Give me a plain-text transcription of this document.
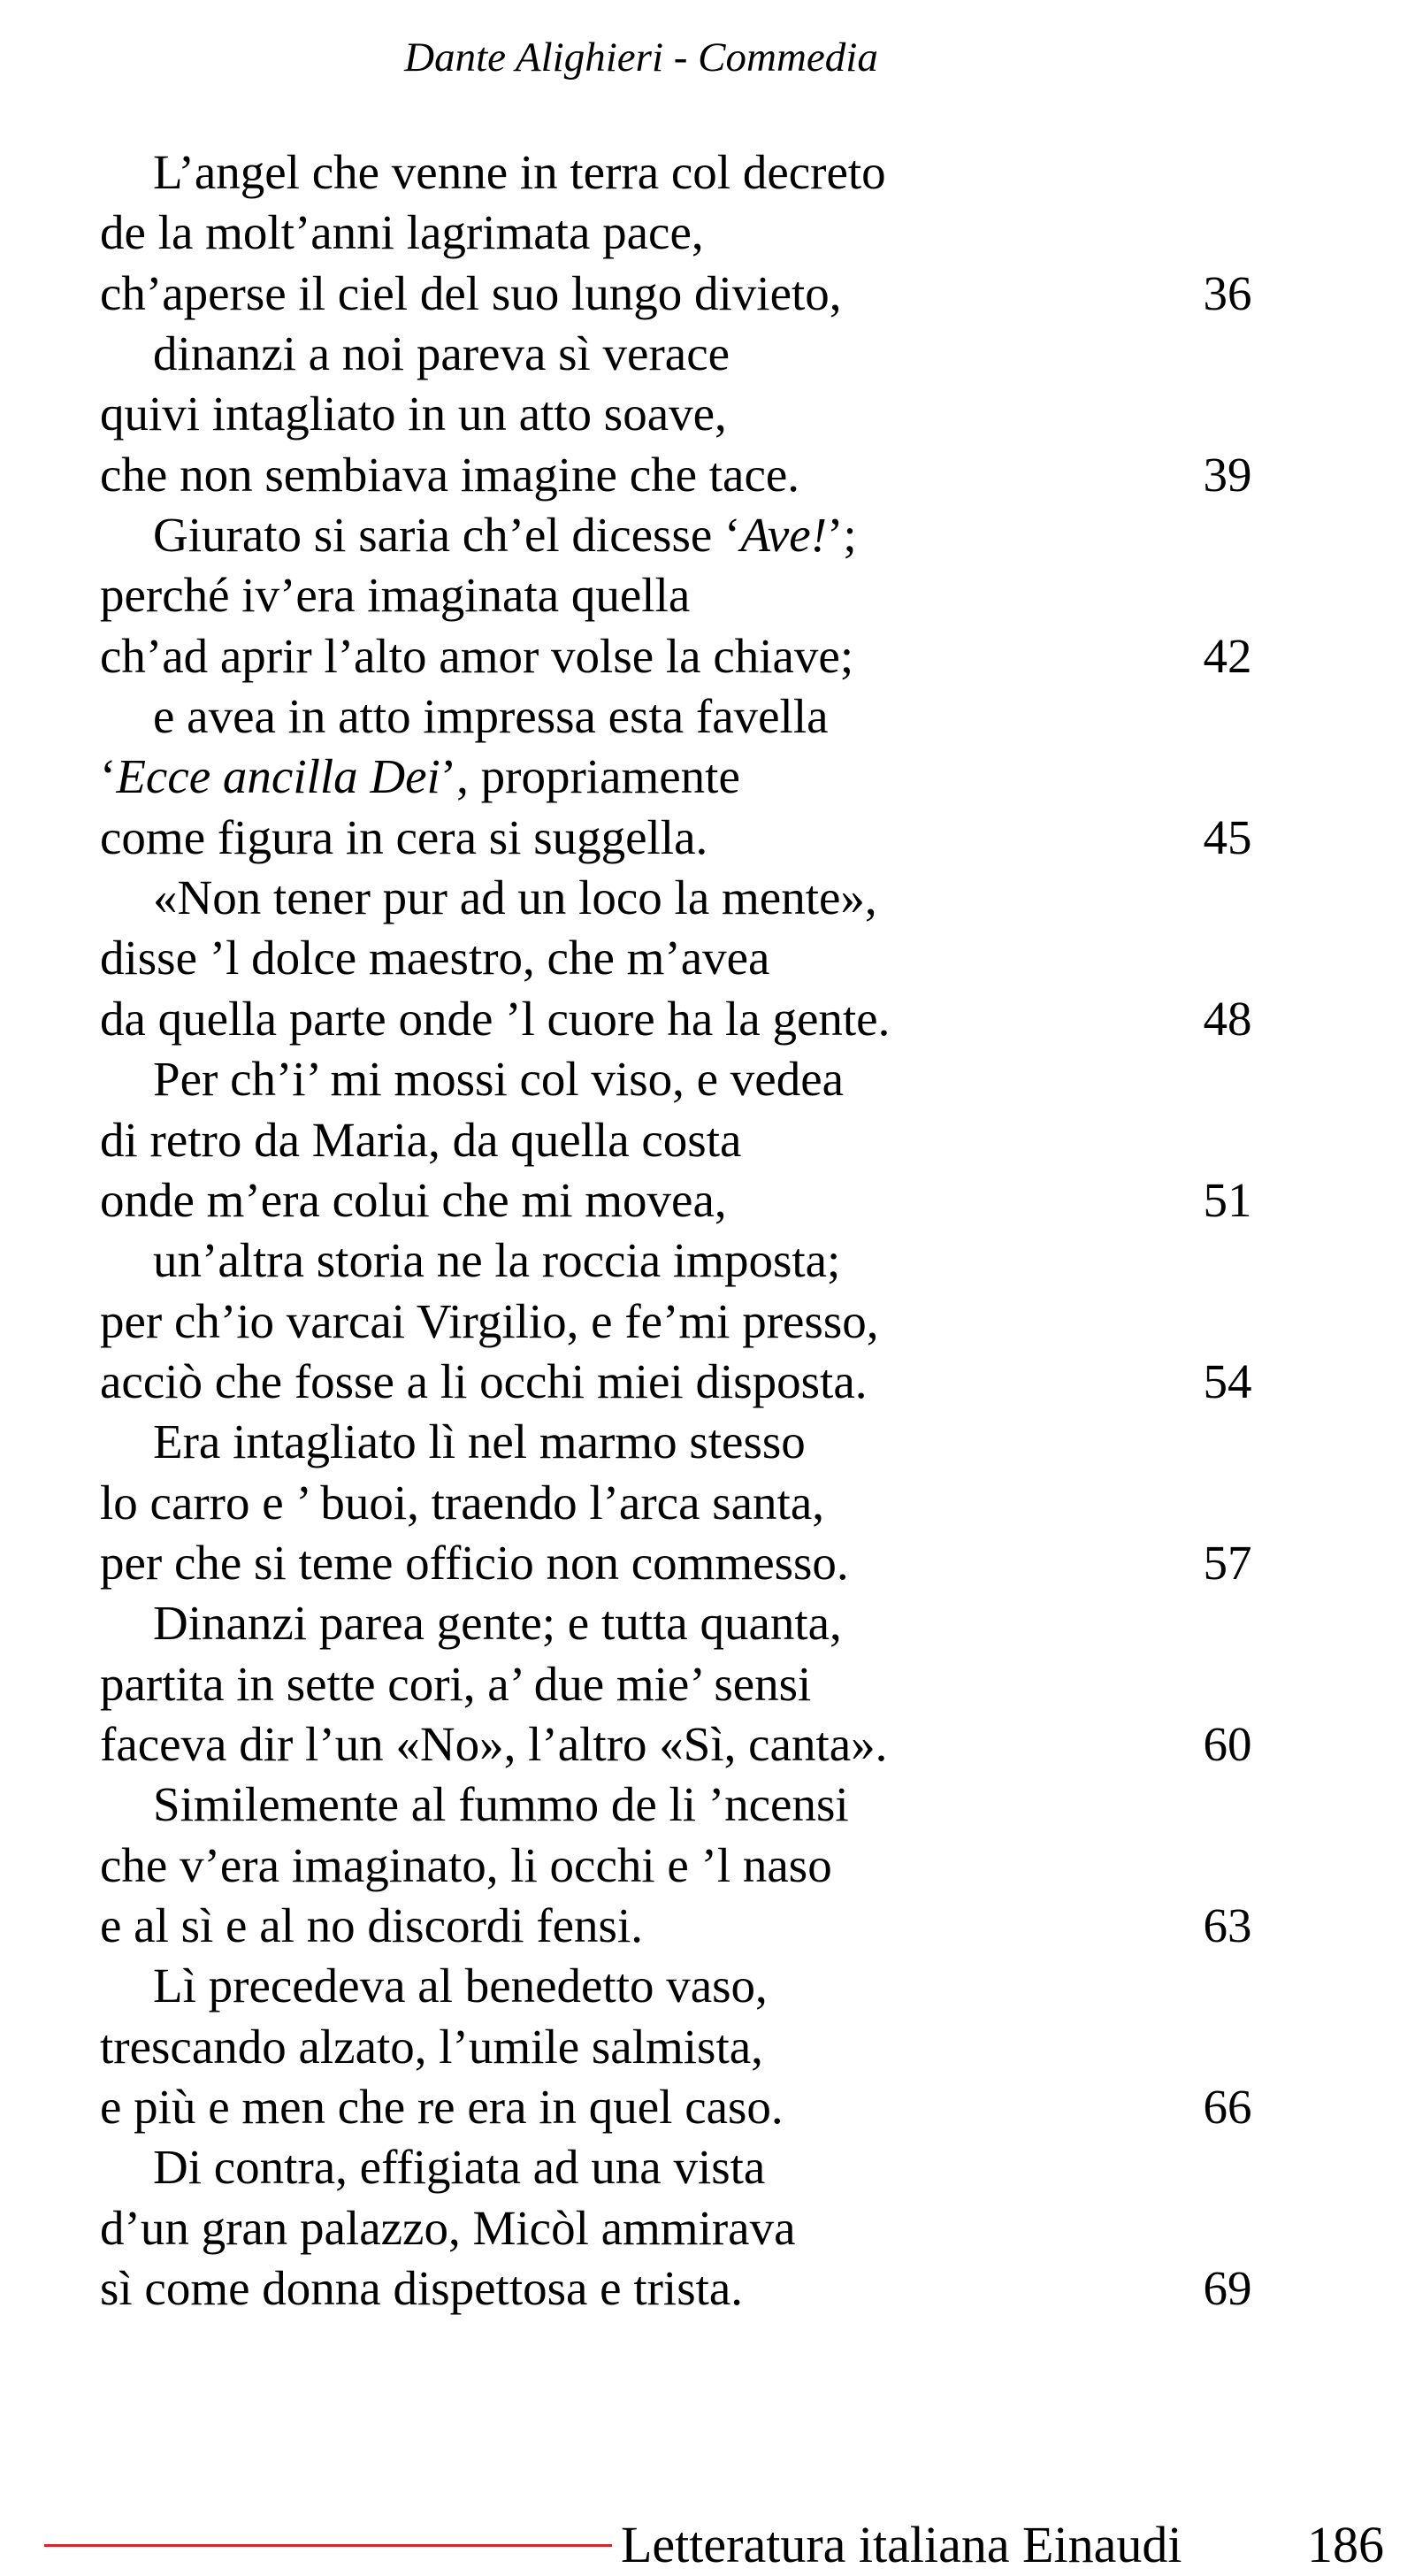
Dante Alighieri - Commedia
L’angel che venne in terra col decreto
de la molt’anni lagrimata pace,
ch’aperse il ciel del suo lungo divieto,	36
dinanzi a noi pareva sì verace
quivi intagliato in un atto soave,
che non sembiava imagine che tace.	39
Giurato si saria ch’el dicesse ‘Ave!’;
perché iv’era imaginata quella
ch’ad aprir l’alto amor volse la chiave;	42
e avea in atto impressa esta favella
‘Ecce ancilla Dei’, propriamente
come figura in cera si suggella.	45
«Non tener pur ad un loco la mente»,
disse ’l dolce maestro, che m’avea
da quella parte onde ’l cuore ha la gente.	48
Per ch’i’ mi mossi col viso, e vedea
di retro da Maria, da quella costa
onde m’era colui che mi movea,	51
un’altra storia ne la roccia imposta;
per ch’io varcai Virgilio, e fe’mi presso,
acciò che fosse a li occhi miei disposta.	54
Era intagliato lì nel marmo stesso
lo carro e ’ buoi, traendo l’arca santa,
per che si teme officio non commesso.	57
Dinanzi parea gente; e tutta quanta,
partita in sette cori, a’ due mie’ sensi
faceva dir l’un «No», l’altro «Sì, canta».	60
Similemente al fummo de li ’ncensi
che v’era imaginato, li occhi e ’l naso
e al sì e al no discordi fensi.	63
Lì precedeva al benedetto vaso,
trescando alzato, l’umile salmista,
e più e men che re era in quel caso.	66
Di contra, effigiata ad una vista
d’un gran palazzo, Micòl ammirava
sì come donna dispettosa e trista.	69
Letteratura italiana Einaudi 186
